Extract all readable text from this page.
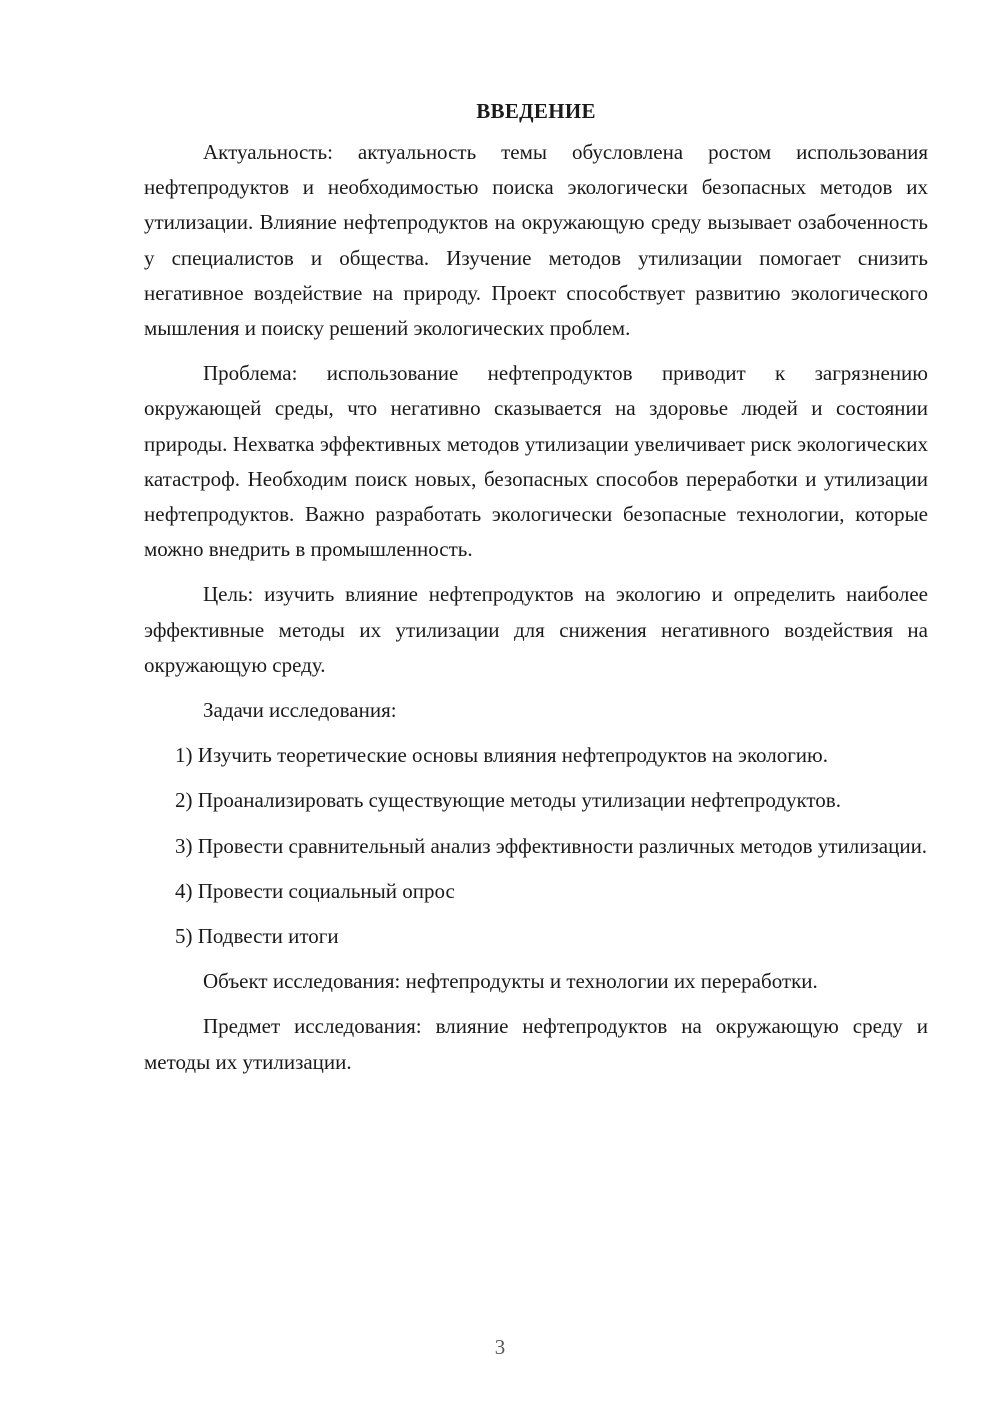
ВВЕДЕНИЕ

Актуальность: актуальность темы обусловлена ростом использования нефтепродуктов и необходимостью поиска экологически безопасных методов их утилизации. Влияние нефтепродуктов на окружающую среду вызывает озабоченность у специалистов и общества. Изучение методов утилизации помогает снизить негативное воздействие на природу. Проект способствует развитию экологического мышления и поиску решений экологических проблем.

Проблема: использование нефтепродуктов приводит к загрязнению окружающей среды, что негативно сказывается на здоровье людей и состоянии природы. Нехватка эффективных методов утилизации увеличивает риск экологических катастроф. Необходим поиск новых, безопасных способов переработки и утилизации нефтепродуктов. Важно разработать экологически безопасные технологии, которые можно внедрить в промышленность.

Цель: изучить влияние нефтепродуктов на экологию и определить наиболее эффективные методы их утилизации для снижения негативного воздействия на окружающую среду.

Задачи исследования:

1) Изучить теоретические основы влияния нефтепродуктов на экологию.

2) Проанализировать существующие методы утилизации нефтепродуктов.

3) Провести сравнительный анализ эффективности различных методов утилизации.

4) Провести социальный опрос

5) Подвести итоги

Объект исследования: нефтепродукты и технологии их переработки.

Предмет исследования: влияние нефтепродуктов на окружающую среду и методы их утилизации.

3
